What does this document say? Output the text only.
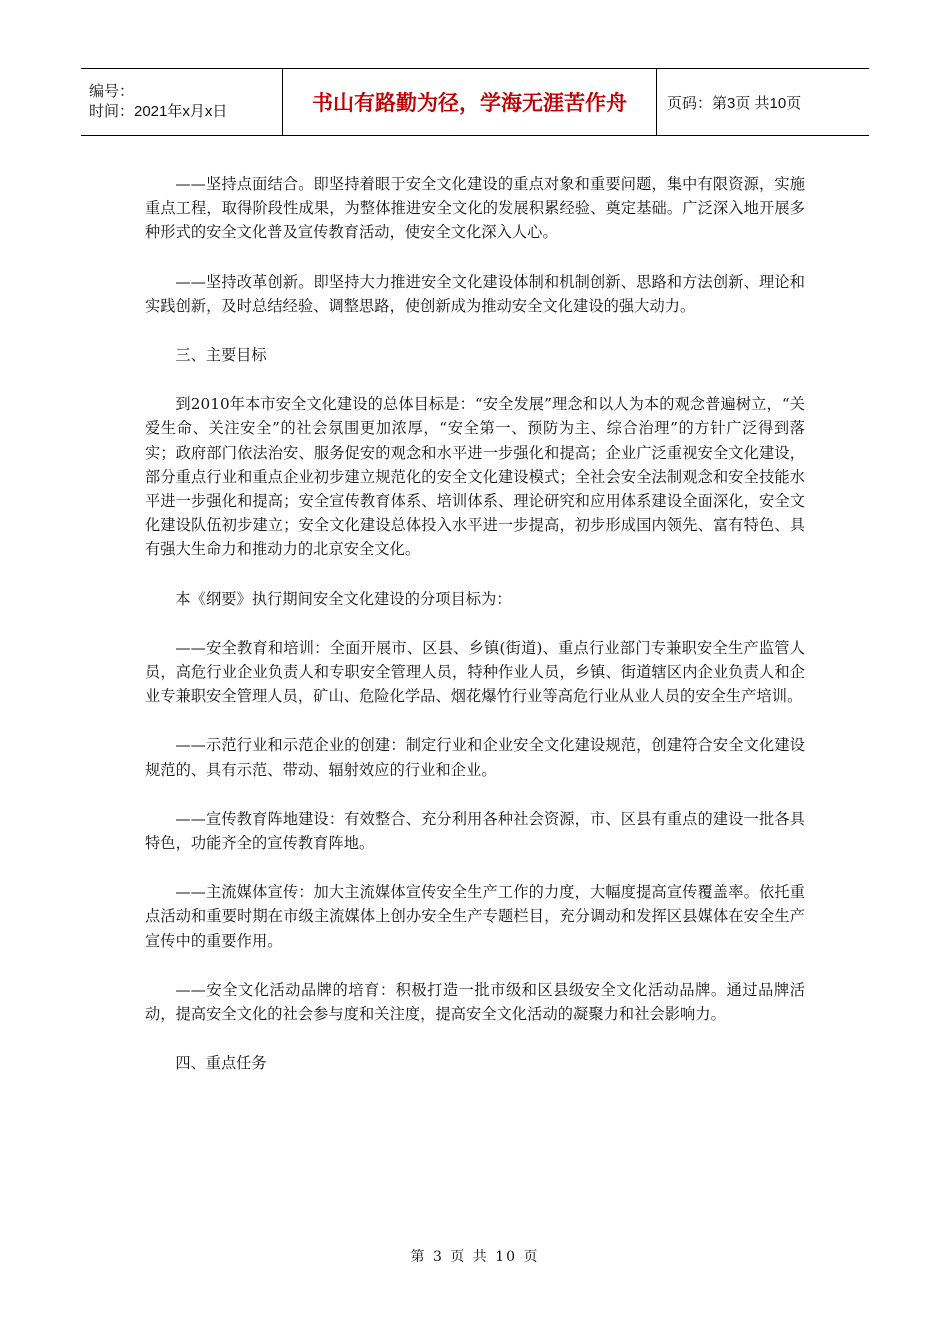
编号：
时间：2021年x月x日	书山有路勤为径，学海无涯苦作舟	页码：第3页 共10页

——坚持点面结合。即坚持着眼于安全文化建设的重点对象和重要问题，集中有限资源，实施重点工程，取得阶段性成果，为整体推进安全文化的发展积累经验、奠定基础。广泛深入地开展多种形式的安全文化普及宣传教育活动，使安全文化深入人心。

——坚持改革创新。即坚持大力推进安全文化建设体制和机制创新、思路和方法创新、理论和实践创新，及时总结经验、调整思路，使创新成为推动安全文化建设的强大动力。

三、主要目标

到2010年本市安全文化建设的总体目标是：“安全发展”理念和以人为本的观念普遍树立，“关爱生命、关注安全”的社会氛围更加浓厚，“安全第一、预防为主、综合治理”的方针广泛得到落实；政府部门依法治安、服务促安的观念和水平进一步强化和提高；企业广泛重视安全文化建设，部分重点行业和重点企业初步建立规范化的安全文化建设模式；全社会安全法制观念和安全技能水平进一步强化和提高；安全宣传教育体系、培训体系、理论研究和应用体系建设全面深化，安全文化建设队伍初步建立；安全文化建设总体投入水平进一步提高，初步形成国内领先、富有特色、具有强大生命力和推动力的北京安全文化。

本《纲要》执行期间安全文化建设的分项目标为：

——安全教育和培训：全面开展市、区县、乡镇(街道)、重点行业部门专兼职安全生产监管人员，高危行业企业负责人和专职安全管理人员，特种作业人员，乡镇、街道辖区内企业负责人和企业专兼职安全管理人员，矿山、危险化学品、烟花爆竹行业等高危行业从业人员的安全生产培训。

——示范行业和示范企业的创建：制定行业和企业安全文化建设规范，创建符合安全文化建设规范的、具有示范、带动、辐射效应的行业和企业。

——宣传教育阵地建设：有效整合、充分利用各种社会资源，市、区县有重点的建设一批各具特色，功能齐全的宣传教育阵地。

——主流媒体宣传：加大主流媒体宣传安全生产工作的力度，大幅度提高宣传覆盖率。依托重点活动和重要时期在市级主流媒体上创办安全生产专题栏目，充分调动和发挥区县媒体在安全生产宣传中的重要作用。

——安全文化活动品牌的培育：积极打造一批市级和区县级安全文化活动品牌。通过品牌活动，提高安全文化的社会参与度和关注度，提高安全文化活动的凝聚力和社会影响力。

四、重点任务

第 3 页 共 10 页
